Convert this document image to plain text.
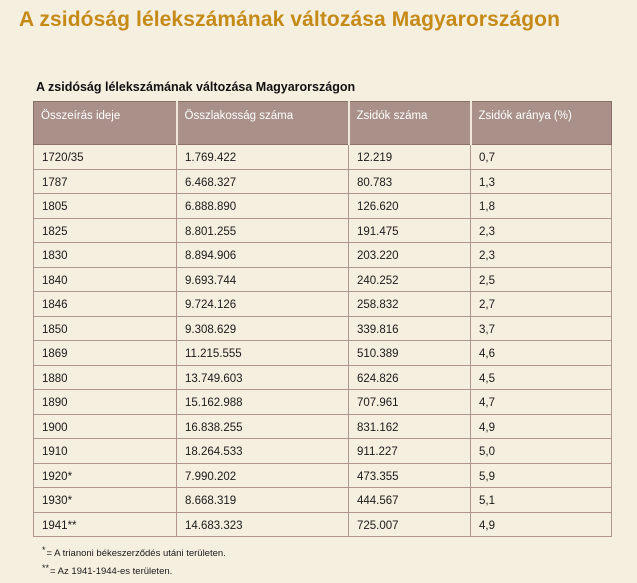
A zsidóság lélekszámának változása Magyarországon
A zsidóság lélekszámának változása Magyarországon
Összeírás ideje	Összlakosság száma	Zsidók száma	Zsidók aránya (%)
1720/35	1.769.422	12.219	0,7
1787	6.468.327	80.783	1,3
1805	6.888.890	126.620	1,8
1825	8.801.255	191.475	2,3
1830	8.894.906	203.220	2,3
1840	9.693.744	240.252	2,5
1846	9.724.126	258.832	2,7
1850	9.308.629	339.816	3,7
1869	11.215.555	510.389	4,6
1880	13.749.603	624.826	4,5
1890	15.162.988	707.961	4,7
1900	16.838.255	831.162	4,9
1910	18.264.533	911.227	5,0
1920*	7.990.202	473.355	5,9
1930*	8.668.319	444.567	5,1
1941**	14.683.323	725.007	4,9
*= A trianoni békeszerződés utáni területen.
**= Az 1941-1944-es területen.
